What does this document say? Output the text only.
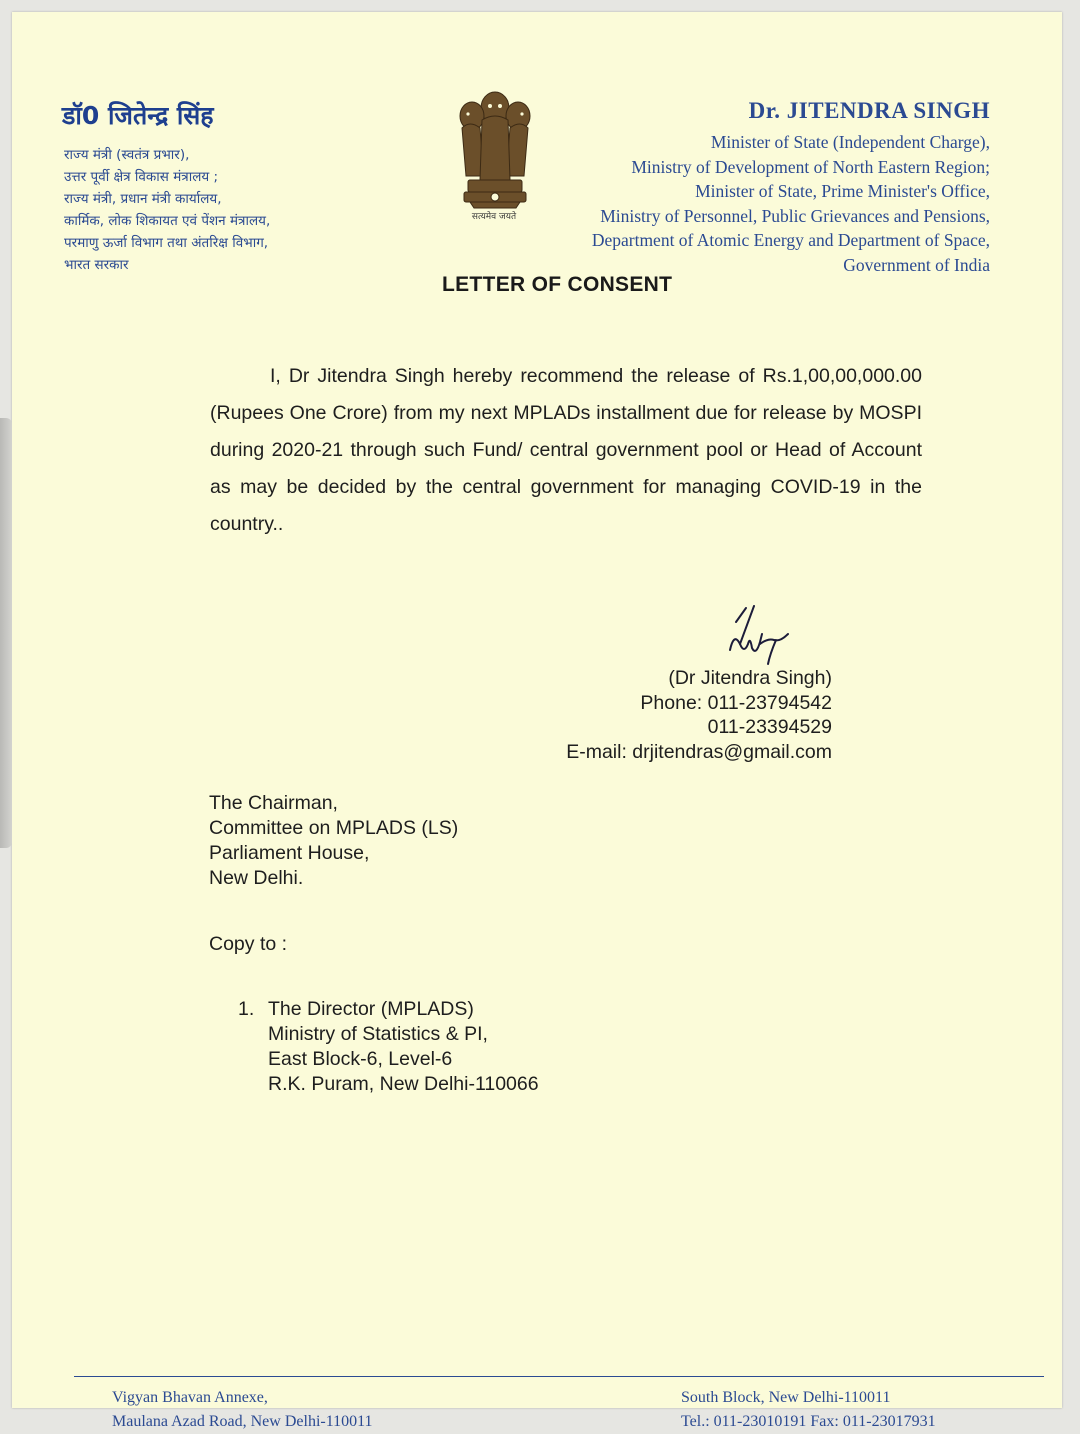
डॉ0 जितेन्द्र सिंह
राज्य मंत्री (स्वतंत्र प्रभार),
उत्तर पूर्वी क्षेत्र विकास मंत्रालय ;
राज्य मंत्री, प्रधान मंत्री कार्यालय,
कार्मिक, लोक शिकायत एवं पेंशन मंत्रालय,
परमाणु ऊर्जा विभाग तथा अंतरिक्ष विभाग,
भारत सरकार
सत्यमेव जयते
Dr. JITENDRA SINGH
Minister of State (Independent Charge),
Ministry of Development of North Eastern Region;
Minister of State, Prime Minister's Office,
Ministry of Personnel, Public Grievances and Pensions,
Department of Atomic Energy and Department of Space,
Government of India
LETTER OF CONSENT

I, Dr Jitendra Singh hereby recommend the release of Rs.1,00,00,000.00 (Rupees One Crore) from my next MPLADs installment due for release by MOSPI during 2020-21 through such Fund/ central government pool or Head of Account as may be decided by the central government for managing COVID-19 in the country..

(Dr Jitendra Singh)
Phone: 011-23794542
011-23394529
E-mail: drjitendras@gmail.com
The Chairman,
Committee on MPLADS (LS)
Parliament House,
New Delhi.

Copy to :

1. The Director (MPLADS)
Ministry of Statistics & PI,
East Block-6, Level-6
R.K. Puram, New Delhi-110066
Vigyan Bhavan Annexe,
Maulana Azad Road, New Delhi-110011
South Block, New Delhi-110011
Tel.: 011-23010191 Fax: 011-23017931
